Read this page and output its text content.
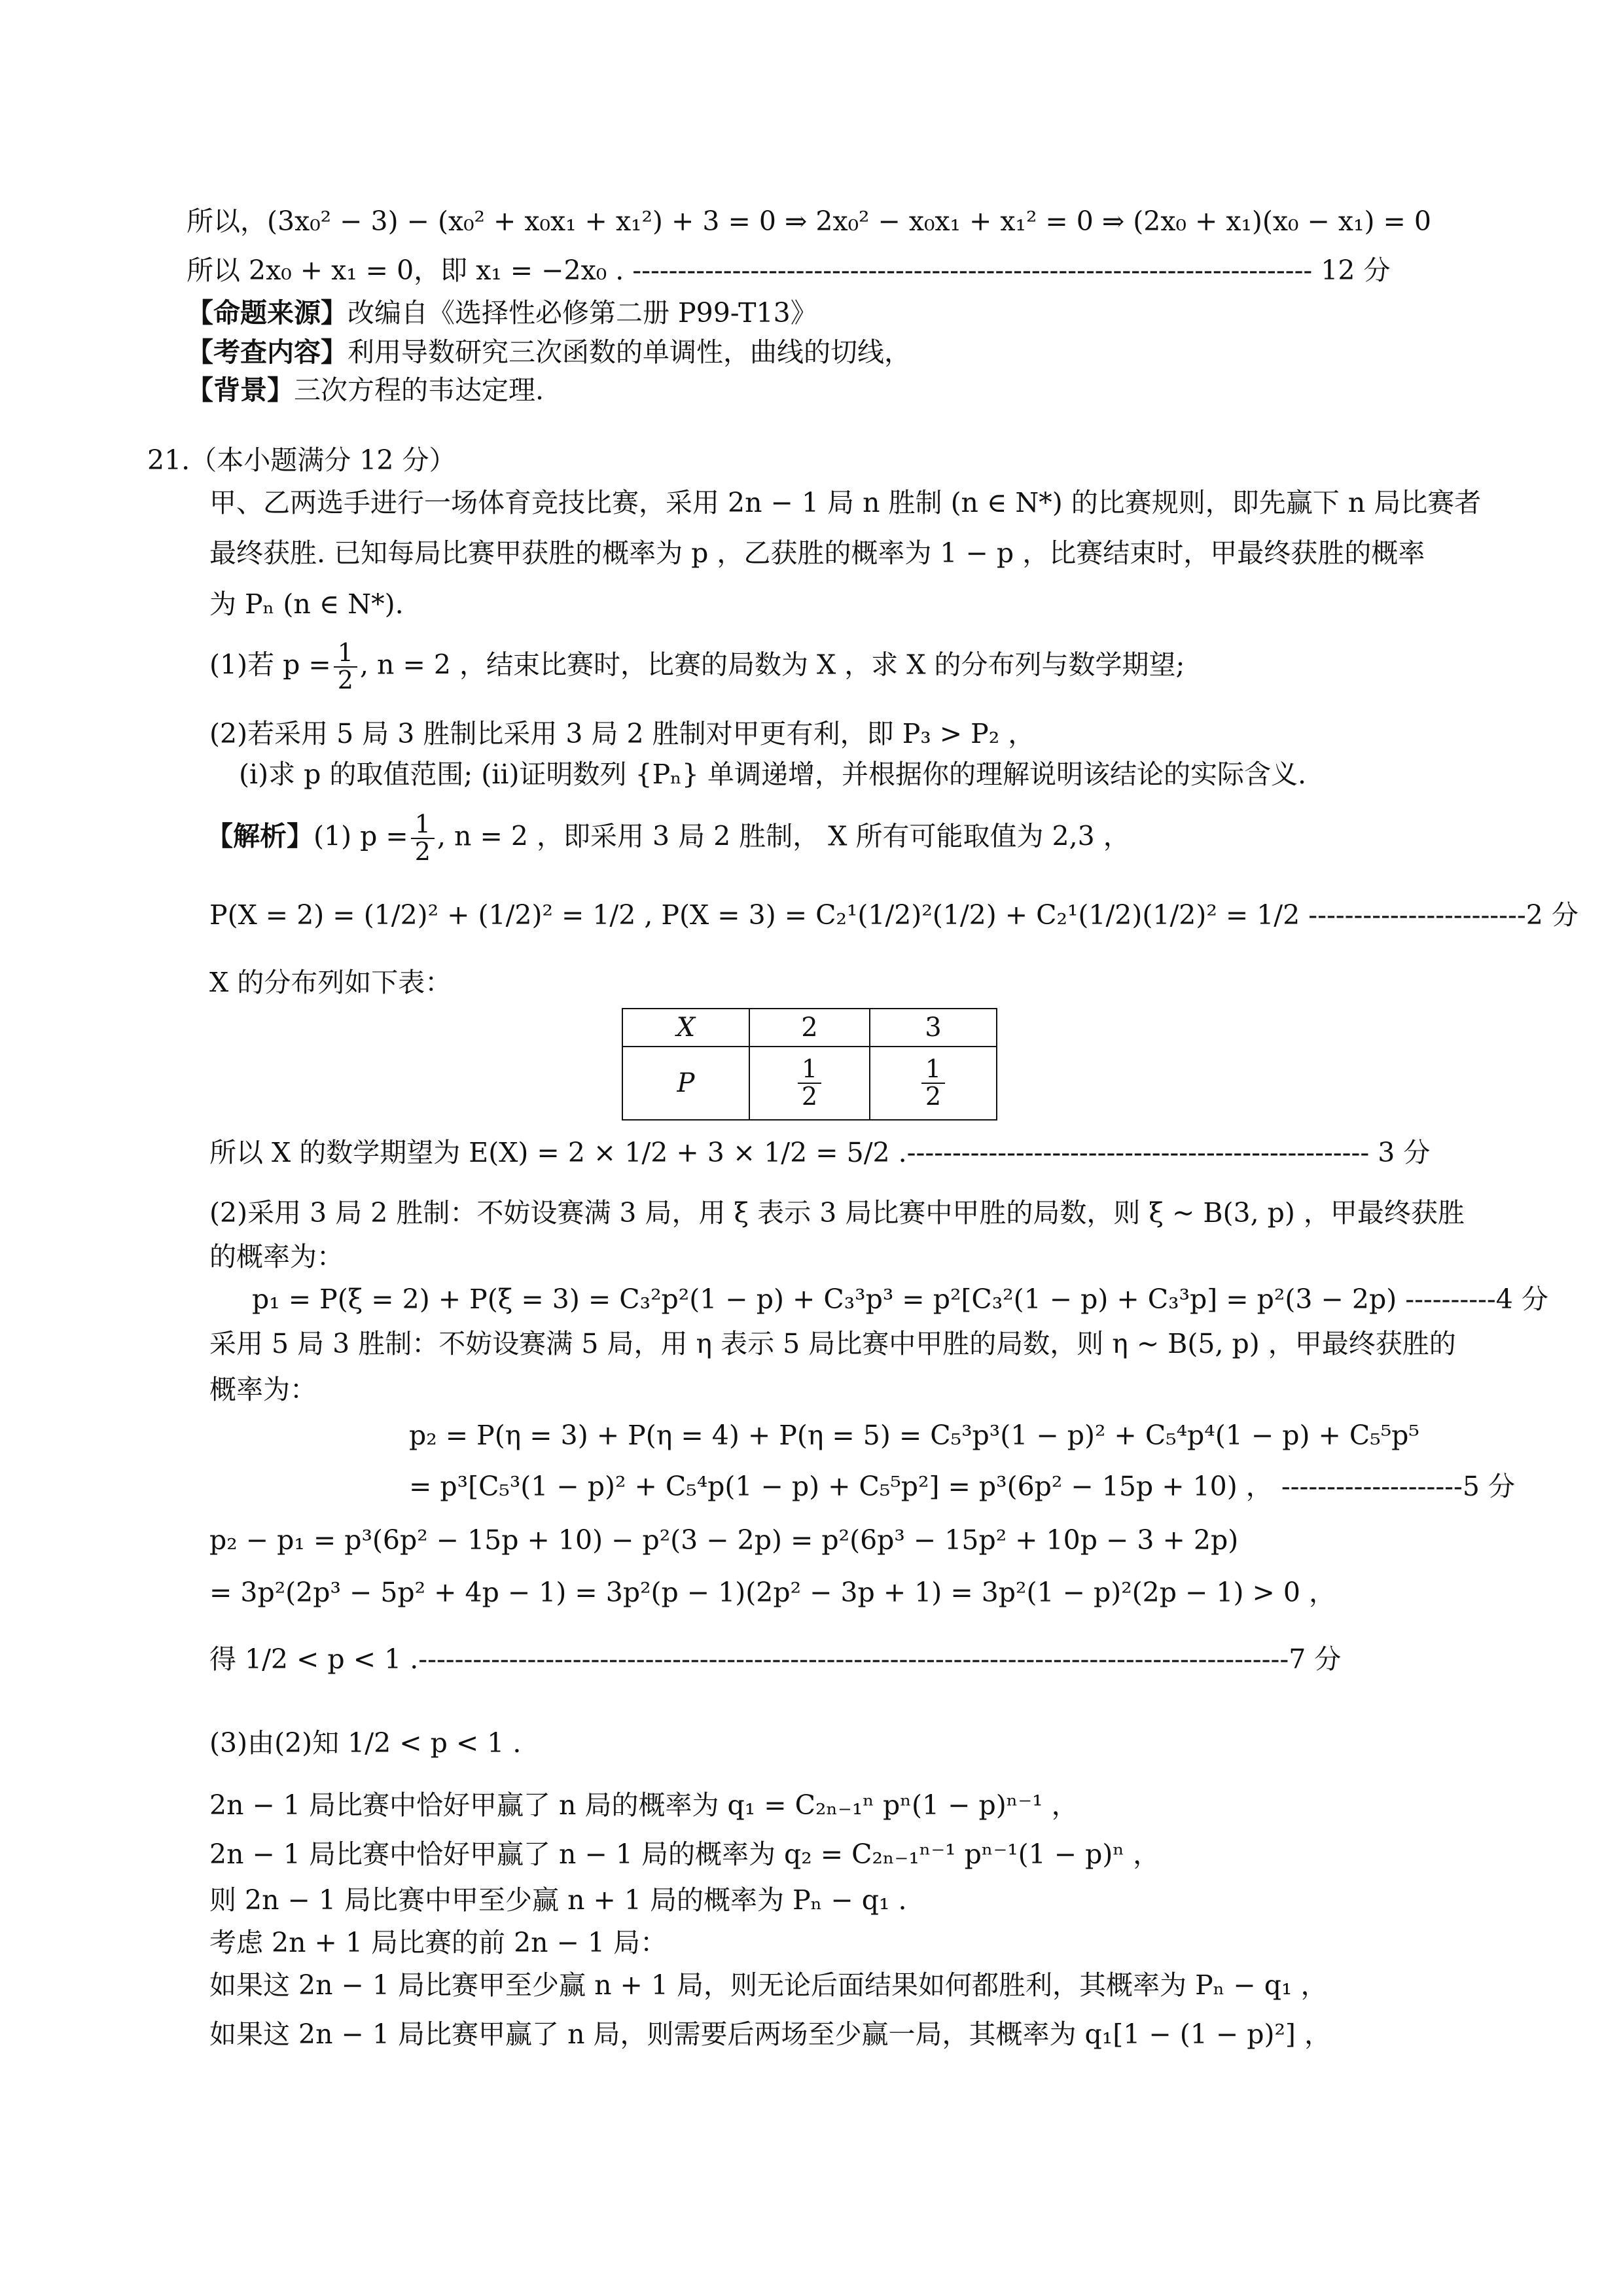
所以，(3x₀² − 3) − (x₀² + x₀x₁ + x₁²) + 3 = 0 ⇒ 2x₀² − x₀x₁ + x₁² = 0 ⇒ (2x₀ + x₁)(x₀ − x₁) = 0
所以 2x₀ + x₁ = 0，即 x₁ = −2x₀ . --------------------------------------------------------------------------- 12 分
【命题来源】改编自《选择性必修第二册 P99-T13》
【考查内容】利用导数研究三次函数的单调性，曲线的切线，
【背景】三次方程的韦达定理.
21.（本小题满分 12 分）
甲、乙两选手进行一场体育竞技比赛，采用 2n − 1 局 n 胜制 (n ∈ N*) 的比赛规则，即先赢下 n 局比赛者
最终获胜. 已知每局比赛甲获胜的概率为 p ，乙获胜的概率为 1 − p ，比赛结束时，甲最终获胜的概率
为 Pₙ (n ∈ N*).
(1)若 $p = \frac{1}{2}$ , n = 2 ，结束比赛时，比赛的局数为 X ，求 X 的分布列与数学期望;
(2)若采用 5 局 3 胜制比采用 3 局 2 胜制对甲更有利，即 P₃ > P₂ ，
(i)求 p 的取值范围; (ii)证明数列 {Pₙ} 单调递增，并根据你的理解说明该结论的实际含义.
【解析】(1) $p = \frac{1}{2}$ , n = 2 ，即采用 3 局 2 胜制， X 所有可能取值为 2,3 ，
P(X = 2) = (1/2)² + (1/2)² = 1/2 , P(X = 3) = C₂¹(1/2)²(1/2) + C₂¹(1/2)(1/2)² = 1/2 ------------------------2 分
X 的分布列如下表：
X	2	3
P	$\frac{1}{2}$	$\frac{1}{2}$
所以 X 的数学期望为 E(X) = 2 × 1/2 + 3 × 1/2 = 5/2 .--------------------------------------------------- 3 分
(2)采用 3 局 2 胜制：不妨设赛满 3 局，用 ξ 表示 3 局比赛中甲胜的局数，则 ξ ~ B(3, p) ，甲最终获胜
的概率为：
p₁ = P(ξ = 2) + P(ξ = 3) = C₃²p²(1 − p) + C₃³p³ = p²[C₃²(1 − p) + C₃³p] = p²(3 − 2p) ----------4 分
采用 5 局 3 胜制：不妨设赛满 5 局，用 η 表示 5 局比赛中甲胜的局数，则 η ~ B(5, p) ，甲最终获胜的
概率为：
p₂ = P(η = 3) + P(η = 4) + P(η = 5) = C₅³p³(1 − p)² + C₅⁴p⁴(1 − p) + C₅⁵p⁵
= p³[C₅³(1 − p)² + C₅⁴p(1 − p) + C₅⁵p²] = p³(6p² − 15p + 10) ， --------------------5 分
p₂ − p₁ = p³(6p² − 15p + 10) − p²(3 − 2p) = p²(6p³ − 15p² + 10p − 3 + 2p)
= 3p²(2p³ − 5p² + 4p − 1) = 3p²(p − 1)(2p² − 3p + 1) = 3p²(1 − p)²(2p − 1) > 0 ，
得 1/2 < p < 1 .------------------------------------------------------------------------------------------------7 分
(3)由(2)知 1/2 < p < 1 .
2n − 1 局比赛中恰好甲赢了 n 局的概率为 q₁ = C₂ₙ₋₁ⁿ pⁿ(1 − p)ⁿ⁻¹ ，
2n − 1 局比赛中恰好甲赢了 n − 1 局的概率为 q₂ = C₂ₙ₋₁ⁿ⁻¹ pⁿ⁻¹(1 − p)ⁿ ，
则 2n − 1 局比赛中甲至少赢 n + 1 局的概率为 Pₙ − q₁ .
考虑 2n + 1 局比赛的前 2n − 1 局：
如果这 2n − 1 局比赛甲至少赢 n + 1 局，则无论后面结果如何都胜利，其概率为 Pₙ − q₁ ，
如果这 2n − 1 局比赛甲赢了 n 局，则需要后两场至少赢一局，其概率为 q₁[1 − (1 − p)²] ，
